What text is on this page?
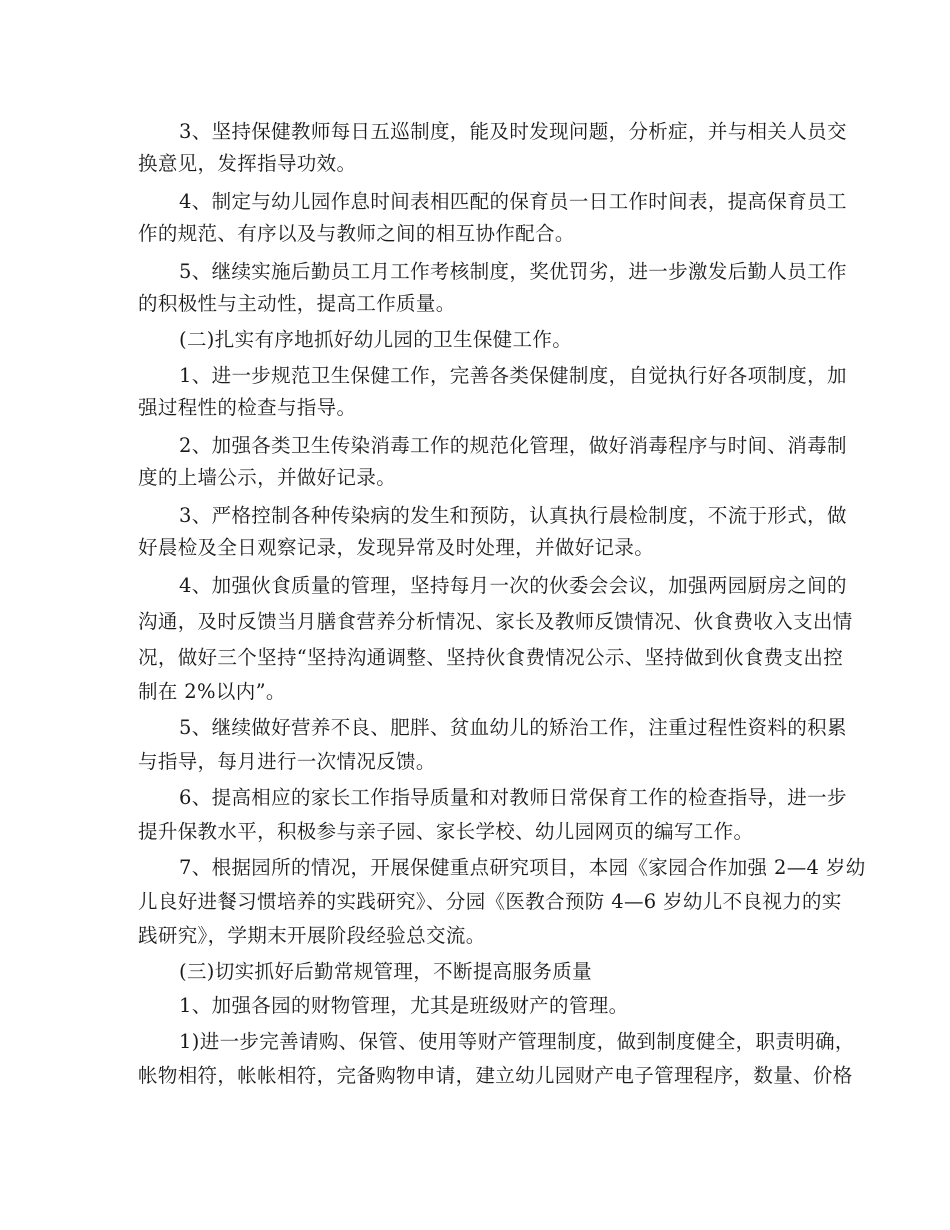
3、坚持保健教师每日五巡制度，能及时发现问题，分析症，并与相关人员交
换意见，发挥指导功效。
4、制定与幼儿园作息时间表相匹配的保育员一日工作时间表，提高保育员工
作的规范、有序以及与教师之间的相互协作配合。
5、继续实施后勤员工月工作考核制度，奖优罚劣，进一步激发后勤人员工作
的积极性与主动性，提高工作质量。
(二)扎实有序地抓好幼儿园的卫生保健工作。
1、进一步规范卫生保健工作，完善各类保健制度，自觉执行好各项制度，加
强过程性的检查与指导。
2、加强各类卫生传染消毒工作的规范化管理，做好消毒程序与时间、消毒制
度的上墙公示，并做好记录。
3、严格控制各种传染病的发生和预防，认真执行晨检制度，不流于形式，做
好晨检及全日观察记录，发现异常及时处理，并做好记录。
4、加强伙食质量的管理，坚持每月一次的伙委会会议，加强两园厨房之间的
沟通，及时反馈当月膳食营养分析情况、家长及教师反馈情况、伙食费收入支出情
况，做好三个坚持“坚持沟通调整、坚持伙食费情况公示、坚持做到伙食费支出控
制在 2%以内”。
5、继续做好营养不良、肥胖、贫血幼儿的矫治工作，注重过程性资料的积累
与指导，每月进行一次情况反馈。
6、提高相应的家长工作指导质量和对教师日常保育工作的检查指导，进一步
提升保教水平，积极参与亲子园、家长学校、幼儿园网页的编写工作。
7、根据园所的情况，开展保健重点研究项目，本园《家园合作加强 2—4 岁幼
儿良好进餐习惯培养的实践研究》、分园《医教合预防 4—6 岁幼儿不良视力的实
践研究》，学期末开展阶段经验总交流。
(三)切实抓好后勤常规管理，不断提高服务质量
1、加强各园的财物管理，尤其是班级财产的管理。
1)进一步完善请购、保管、使用等财产管理制度，做到制度健全，职责明确，
帐物相符，帐帐相符，完备购物申请，建立幼儿园财产电子管理程序，数量、价格
